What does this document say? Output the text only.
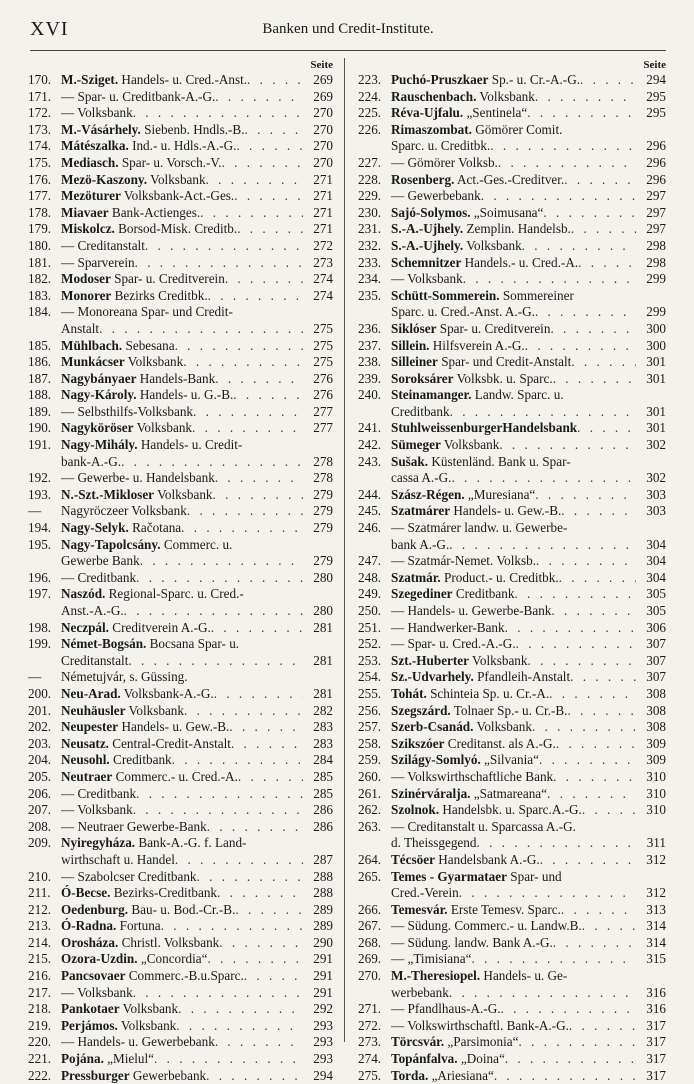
XVI	Banken und Credit-Institute.
Seite
170. M.-Sziget. Handels- u. Cred.-Anst. . . .	269
171. — Spar- u. Creditbank-A.-G. . . .	269
172. — Volksbank . . .	270
173. M.-Vásárhely. Siebenb. Hndls.-B. . . .	270
174. Mátészalka. Ind.- u. Hdls.-A.-G. . . .	270
175. Mediasch. Spar- u. Vorsch.-V. . . .	270
176. Mezö-Kaszony. Volksbank . . .	271
177. Mezöturer Volksbank-Act.-Ges. . . .	271
178. Miavaer Bank-Actienges. . . .	271
179. Miskolcz. Borsod-Misk. Creditb. . . .	271
180. — Creditanstalt . . .	272
181. — Sparverein . . .	273
182. Modoser Spar- u. Creditverein . . .	274
183. Monorer Bezirks Creditbk. . . .	274
184. — Monoreana Spar- und Credit-
Anstalt . . .	275
185. Mühlbach. Sebesana . . .	275
186. Munkácser Volksbank . . .	275
187. Nagybányaer Handels-Bank . . .	276
188. Nagy-Károly. Handels- u. G.-B. . . .	276
189. — Selbsthilfs-Volksbank . . .	277
190. Nagyköröser Volksbank . . .	277
191. Nagy-Mihály. Handels- u. Credit-
bank-A.-G. . . .	278
192. — Gewerbe- u. Handelsbank . . .	278
193. N.-Szt.-Mikloser Volksbank . . .	279
—	Nagyröczeer Volksbank . . .	279
194. Nagy-Selyk. Račotana . . .	279
195. Nagy-Tapolcsány. Commerc. u.
Gewerbe Bank . . .	279
196. — Creditbank . . .	280
197. Naszód. Regional-Sparc. u. Cred.-
Anst.-A.-G. . . .	280
198. Neczpál. Creditverein A.-G. . . .	281
199. Német-Bogsán. Bocsana Spar- u.
Creditanstalt . . .	281
—	Németujvár, s. Güssing.
200. Neu-Arad. Volksbank-A.-G. . . .	281
201. Neuhäusler Volksbank . . .	282
202. Neupester Handels- u. Gew.-B. . . .	283
203. Neusatz. Central-Credit-Anstalt . . .	283
204. Neusohl. Creditbank . . .	284
205. Neutraer Commerc.- u. Cred.-A. . . .	285
206. — Creditbank . . .	285
207. — Volksbank . . .	286
208. — Neutraer Gewerbe-Bank . . .	286
209. Nyiregyháza. Bank-A.-G. f. Land-
wirthschaft u. Handel . . .	287
210. — Szabolcser Creditbank . . .	288
211. Ó-Becse. Bezirks-Creditbank . . .	288
212. Oedenburg. Bau- u. Bod.-Cr.-B. . . .	289
213. Ó-Radna. Fortuna . . .	289
214. Orosháza. Christl. Volksbank . . .	290
215. Ozora-Uzdin. „Concordia“ . . .	291
216. Pancsovaer Commerc.-B.u.Sparc. . . .	291
217. — Volksbank . . .	291
218. Pankotaer Volksbank . . .	292
219. Perjámos. Volksbank . . .	293
220. — Handels- u. Gewerbebank . . .	293
221. Pojána. „Mielul“ . . .	293
222. Pressburger Gewerbebank . . .	294
Seite
223. Puchó-Pruszkaer Sp.- u. Cr.-A.-G. . . .	294
224. Rauschenbach. Volksbank . . .	295
225. Réva-Ujfalu. „Sentinela“ . . .	295
226. Rimaszombat. Gömörer Comit.
Sparc. u. Creditbk. . . .	296
227. — Gömörer Volksb. . . .	296
228. Rosenberg. Act.-Ges.-Creditver. . . .	296
229. — Gewerbebank . . .	297
230. Sajó-Solymos. „Soimusana“ . . .	297
231. S.-A.-Ujhely. Zemplin. Handelsb. . . .	297
232. S.-A.-Ujhely. Volksbank . . .	298
233. Schemnitzer Handels.- u. Cred.-A. . . .	298
234. — Volksbank . . .	299
235. Schütt-Sommerein. Sommereiner
Sparc. u. Cred.-Anst. A.-G. . . .	299
236. Siklóser Spar- u. Creditverein . . .	300
237. Sillein. Hilfsverein A.-G. . . .	300
238. Silleiner Spar- und Credit-Anstalt . . .	301
239. Soroksárer Volksbk. u. Sparc. . . .	301
240. Steinamanger. Landw. Sparc. u.
Creditbank . . .	301
241. StuhlweissenburgerHandelsbank . . .	301
242. Sümeger Volksbank . . .	302
243. Sušak. Küstenländ. Bank u. Spar-
cassa A.-G. . . .	302
244. Szász-Régen. „Muresiana“ . . .	303
245. Szatmárer Handels- u. Gew.-B. . . .	303
246. — Szatmárer landw. u. Gewerbe-
bank A.-G. . . .	304
247. — Szatmár-Nemet. Volksb. . . .	304
248. Szatmár. Product.- u. Creditbk. . . .	304
249. Szegediner Creditbank . . .	305
250. — Handels- u. Gewerbe-Bank . . .	305
251. — Handwerker-Bank . . .	306
252. — Spar- u. Cred.-A.-G. . . .	307
253. Szt.-Huberter Volksbank . . .	307
254. Sz.-Udvarhely. Pfandleih-Anstalt . . .	307
255. Tohát. Schinteia Sp. u. Cr.-A. . . .	308
256. Szegszárd. Tolnaer Sp.- u. Cr.-B. . . .	308
257. Szerb-Csanád. Volksbank . . .	308
258. Szikszóer Creditanst. als A.-G. . . .	309
259. Szilágy-Somlyó. „Silvania“ . . .	309
260. — Volkswirthschaftliche Bank . . .	310
261. Szinérváralja. „Satmareana“ . . .	310
262. Szolnok. Handelsbk. u. Sparc.A.-G. . . .	310
263. — Creditanstalt u. Sparcassa A.-G.
d. Theissgegend . . .	311
264. Técsöer Handelsbank A.-G. . . .	312
265. Temes - Gyarmataer Spar- und
Cred.-Verein . . .	312
266. Temesvár. Erste Temesv. Sparc. . . .	313
267. — Südung. Commerc.- u. Landw.B. . . .	314
268. — Südung. landw. Bank A.-G. . . .	314
269. — „Timisiana“ . . .	315
270. M.-Theresiopel. Handels- u. Ge-
werbebank . . .	316
271. — Pfandlhaus-A.-G. . . .	316
272. — Volkswirthschaftl. Bank-A.-G. . . .	317
273. Törcsvár. „Parsimonia“ . . .	317
274. Topánfalva. „Doina“ . . .	317
275. Torda. „Ariesiana“ . . .	317
